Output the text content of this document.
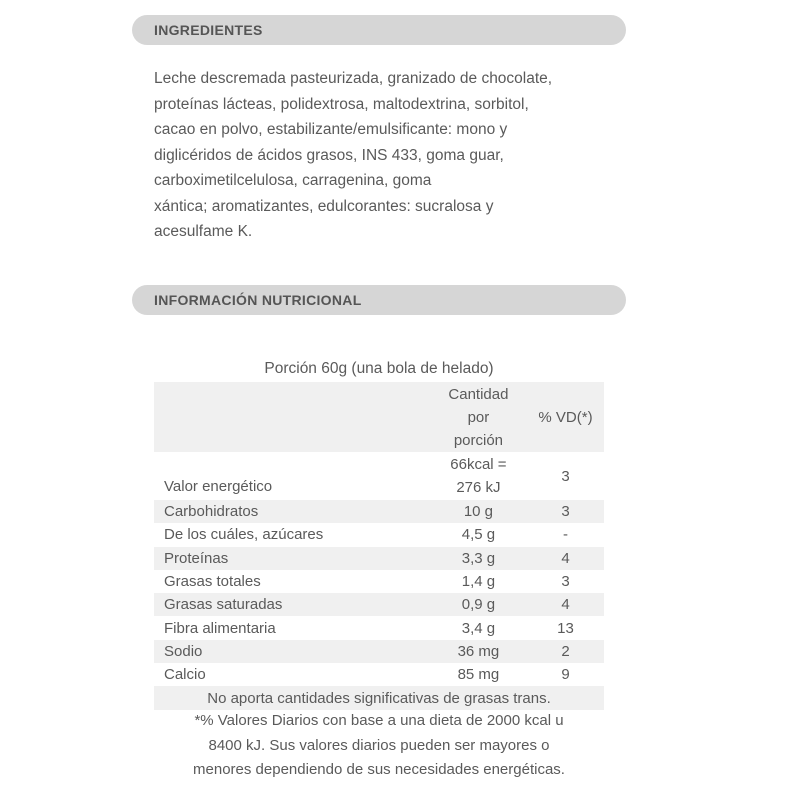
INGREDIENTES
Leche descremada pasteurizada, granizado de chocolate,
proteínas lácteas, polidextrosa, maltodextrina, sorbitol,
cacao en polvo, estabilizante/emulsificante: mono y
diglicéridos de ácidos grasos, INS 433, goma guar,
carboximetilcelulosa, carragenina, goma
xántica; aromatizantes, edulcorantes: sucralosa y
acesulfame K.
INFORMACIÓN NUTRICIONAL
Porción 60g (una bola de helado)

	Cantidad
por
porción	% VD(*)
Valor energético	66kcal =
276 kJ	3
Carbohidratos	10 g	3
De los cuáles, azúcares	4,5 g	-
Proteínas	3,3 g	4
Grasas totales	1,4 g	3
Grasas saturadas	0,9 g	4
Fibra alimentaria	3,4 g	13
Sodio	36 mg	2
Calcio	85 mg	9
No aporta cantidades significativas de grasas trans.		
*% Valores Diarios con base a una dieta de 2000 kcal u
8400 kJ. Sus valores diarios pueden ser mayores o
menores dependiendo de sus necesidades energéticas.
